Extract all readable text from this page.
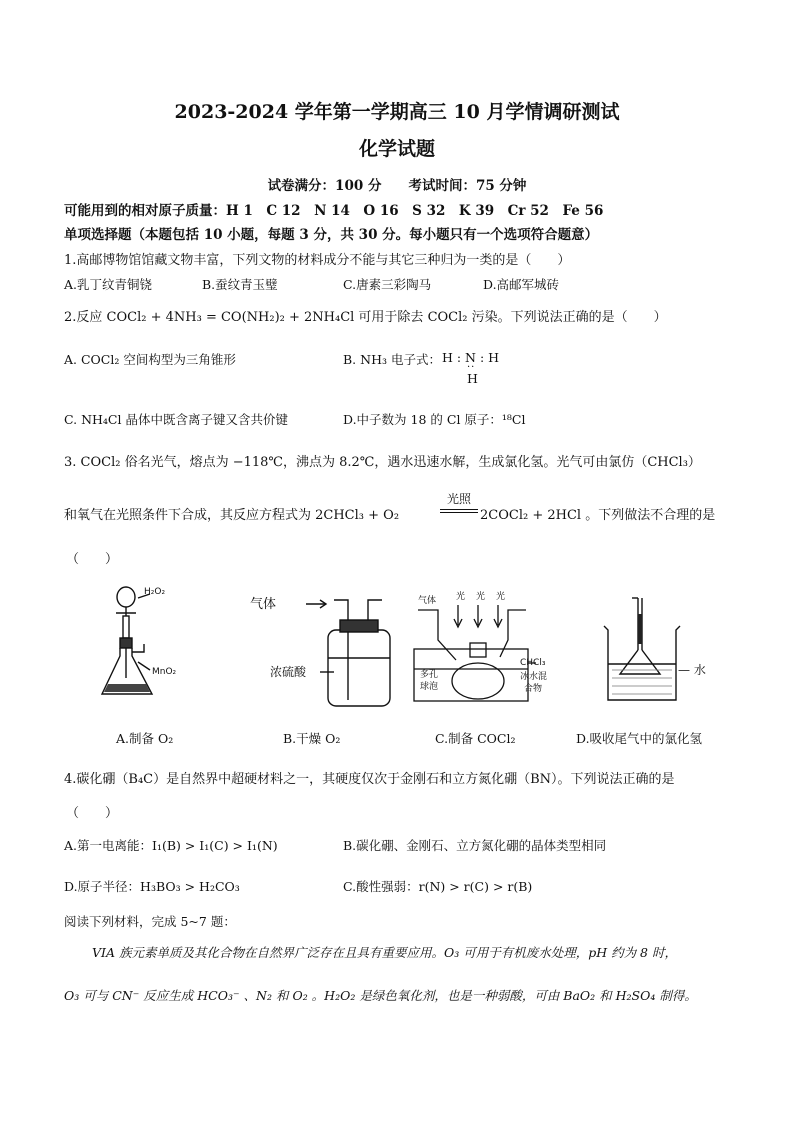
2023-2024 学年第一学期高三 10 月学情调研测试
化学试题
试卷满分：100 分　　考试时间：75 分钟
可能用到的相对原子质量：H 1　C 12　N 14　O 16　S 32　K 39　Cr 52　Fe 56
单项选择题（本题包括 10 小题，每题 3 分，共 30 分。每小题只有一个选项符合题意）
1.高邮博物馆馆藏文物丰富，下列文物的材料成分不能与其它三种归为一类的是（　　）
A.乳丁纹青铜铙	B.蚕纹青玉璧	C.唐素三彩陶马	D.高邮军城砖
2.反应 COCl₂ + 4NH₃ = CO(NH₂)₂ + 2NH₄Cl 可用于除去 COCl₂ 污染。下列说法正确的是（　　）
A. COCl₂ 空间构型为三角锥形	B. NH₃ 电子式： H : N : H
··
H
C. NH₄Cl 晶体中既含离子键又含共价键	D.中子数为 18 的 Cl 原子：¹⁸Cl
3. COCl₂ 俗名光气，熔点为 −118℃，沸点为 8.2℃，遇水迅速水解，生成氯化氢。光气可由氯仿（CHCl₃）
和氧气在光照条件下合成，其反应方程式为 2CHCl₃ + O₂
光照
2COCl₂ + 2HCl 。下列做法不合理的是
（　　）
H₂O₂
MnO₂
气体
浓硫酸
气体 光 光 光
CHCl₃
多孔
球泡
冰水混
合物
— 水
A.制备 O₂	B.干燥 O₂	C.制备 COCl₂	D.吸收尾气中的氯化氢
4.碳化硼（B₄C）是自然界中超硬材料之一，其硬度仅次于金刚石和立方氮化硼（BN）。下列说法正确的是
（　　）
A.第一电离能：I₁(B) > I₁(C) > I₁(N)	B.碳化硼、金刚石、立方氮化硼的晶体类型相同
D.原子半径：H₃BO₃ > H₂CO₃	C.酸性强弱：r(N) > r(C) > r(B)
阅读下列材料，完成 5~7 题：
VIA 族元素单质及其化合物在自然界广泛存在且具有重要应用。O₃ 可用于有机废水处理，pH 约为 8 时，
O₃ 可与 CN⁻ 反应生成 HCO₃⁻ 、N₂ 和 O₂ 。H₂O₂ 是绿色氧化剂，也是一种弱酸，可由 BaO₂ 和 H₂SO₄ 制得。
